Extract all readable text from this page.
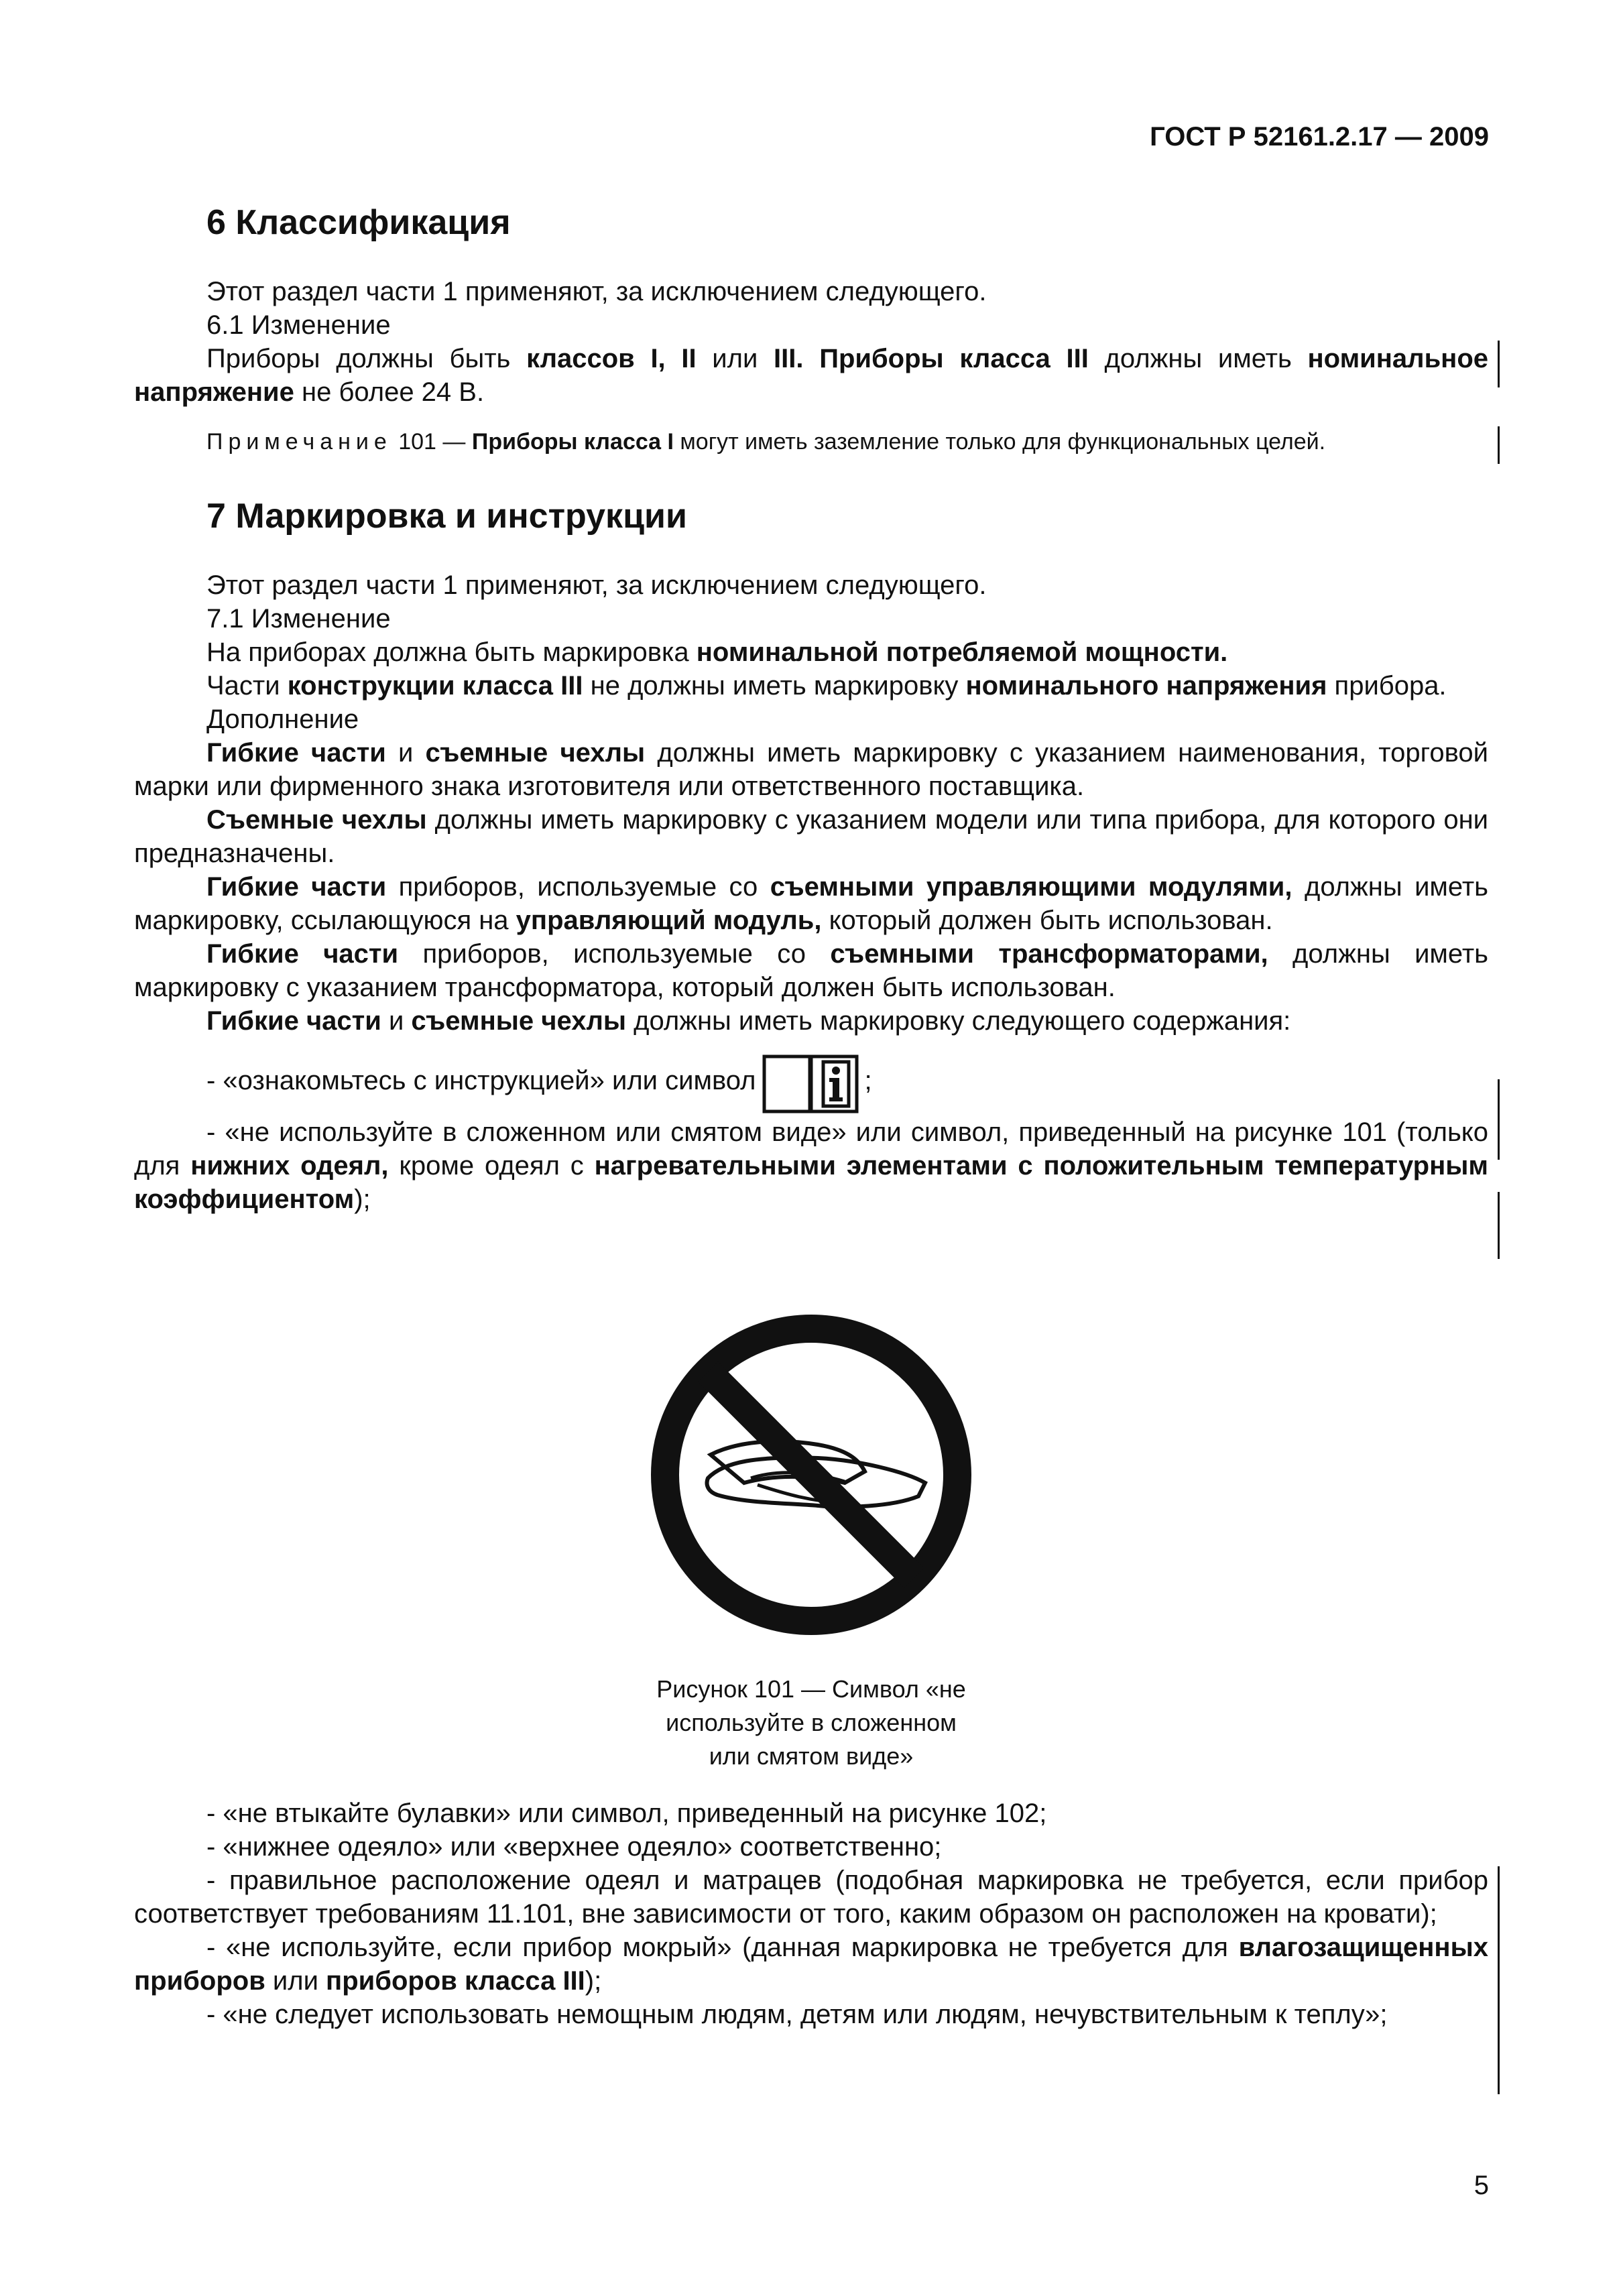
ГОСТ Р 52161.2.17 — 2009
6 Классификация

Этот раздел части 1 применяют, за исключением следующего.

6.1 Изменение

Приборы должны быть классов I, II или III. Приборы класса III должны иметь номинальное напряжение не более 24 В.

Примечание 101 — Приборы класса I могут иметь заземление только для функциональных целей.

7 Маркировка и инструкции

Этот раздел части 1 применяют, за исключением следующего.

7.1 Изменение

На приборах должна быть маркировка номинальной потребляемой мощности.

Части конструкции класса III не должны иметь маркировку номинального напряжения прибора.

Дополнение

Гибкие части и съемные чехлы должны иметь маркировку с указанием наименования, торговой марки или фирменного знака изготовителя или ответственного поставщика.

Съемные чехлы должны иметь маркировку с указанием модели или типа прибора, для которого они предназначены.

Гибкие части приборов, используемые со съемными управляющими модулями, должны иметь маркировку, ссылающуюся на управляющий модуль, который должен быть использован.

Гибкие части приборов, используемые со съемными трансформаторами, должны иметь маркировку с указанием трансформатора, который должен быть использован.

Гибкие части и съемные чехлы должны иметь маркировку следующего содержания:

- «ознакомьтесь с инструкцией» или символ	;

- «не используйте в сложенном или смятом виде» или символ, приведенный на рисунке 101 (только для нижних одеял, кроме одеял с нагревательными элементами с положительным температурным коэффициентом);

Рисунок 101 — Символ «не
используйте в сложенном
или смятом виде»

- «не втыкайте булавки» или символ, приведенный на рисунке 102;

- «нижнее одеяло» или «верхнее одеяло» соответственно;

- правильное расположение одеял и матрацев (подобная маркировка не требуется, если прибор соответствует требованиям 11.101, вне зависимости от того, каким образом он расположен на кровати);

- «не используйте, если прибор мокрый» (данная маркировка не требуется для влагозащищенных приборов или приборов класса III);

- «не следует использовать немощным людям, детям или людям, нечувствительным к теплу»;

5
